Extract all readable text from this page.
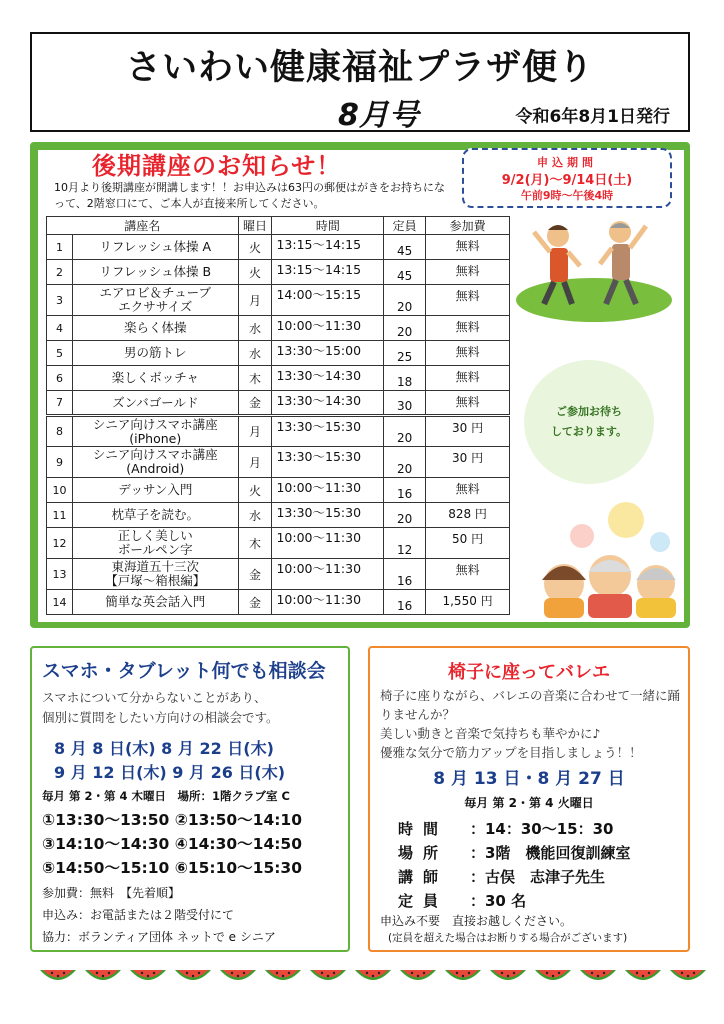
さいわい健康福祉プラザ便り
8月号	令和6年8月1日発行
後期講座のお知らせ！
10月より後期講座が開講します！！お申込みは63円の郵便はがきをお持ちになって、2階窓口にて、ご本人が直接来所してください。
申込期間
9/2(月)～9/14日(土)
午前9時～午後4時
講座名		曜日	時間	定員	参加費
1	リフレッシュ体操 A	火	13:15～14:15	45	無料
2	リフレッシュ体操 B	火	13:15～14:15	45	無料
3	エアロビ＆チューブ
エクササイズ	月	14:00～15:15	20	無料
4	楽らく体操	水	10:00～11:30	20	無料
5	男の筋トレ	水	13:30～15:00	25	無料
6	楽しくボッチャ	木	13:30～14:30	18	無料
7	ズンバゴールド	金	13:30～14:30	30	無料
8	シニア向けスマホ講座
(iPhone)	月	13:30～15:30	20	30 円
9	シニア向けスマホ講座
(Android)	月	13:30～15:30	20	30 円
10	デッサン入門	火	10:00～11:30	16	無料
11	枕草子を読む。	水	13:30～15:30	20	828 円
12	正しく美しい
ボールペン字	木	10:00～11:30	12	50 円
13	東海道五十三次
【戸塚～箱根編】	金	10:00～11:30	16	無料
14	簡単な英会話入門	金	10:00～11:30	16	1,550 円
ご参加お待ち
しております。
スマホ・タブレット何でも相談会
スマホについて分からないことがあり、
個別に質問をしたい方向けの相談会です。
8 月 8 日(木) 8 月 22 日(木)
9 月 12 日(木) 9 月 26 日(木)
毎月 第 2・第 4 木曜日　場所：1階クラブ室 C
①13:30～13:50 ②13:50～14:10
③14:10～14:30 ④14:30～14:50
⑤14:50～15:10 ⑥15:10～15:30
参加費：無料　【先着順】
申込み：お電話または２階受付にて
協力：ボランティア団体 ネットで e シニア
椅子に座ってバレエ
椅子に座りながら、バレエの音楽に合わせて一緒に踊りませんか？
美しい動きと音楽で気持ちも華やかに♪
優雅な気分で筋力アップを目指しましょう！！
8 月 13 日・8 月 27 日
毎月 第 2・第 4 火曜日
時間 ：14：30～15：30
場所 ：3階　機能回復訓練室
講師 ：古俣　志津子先生
定員 ：30 名
申込み不要　直接お越しください。
(定員を超えた場合はお断りする場合がございます)
